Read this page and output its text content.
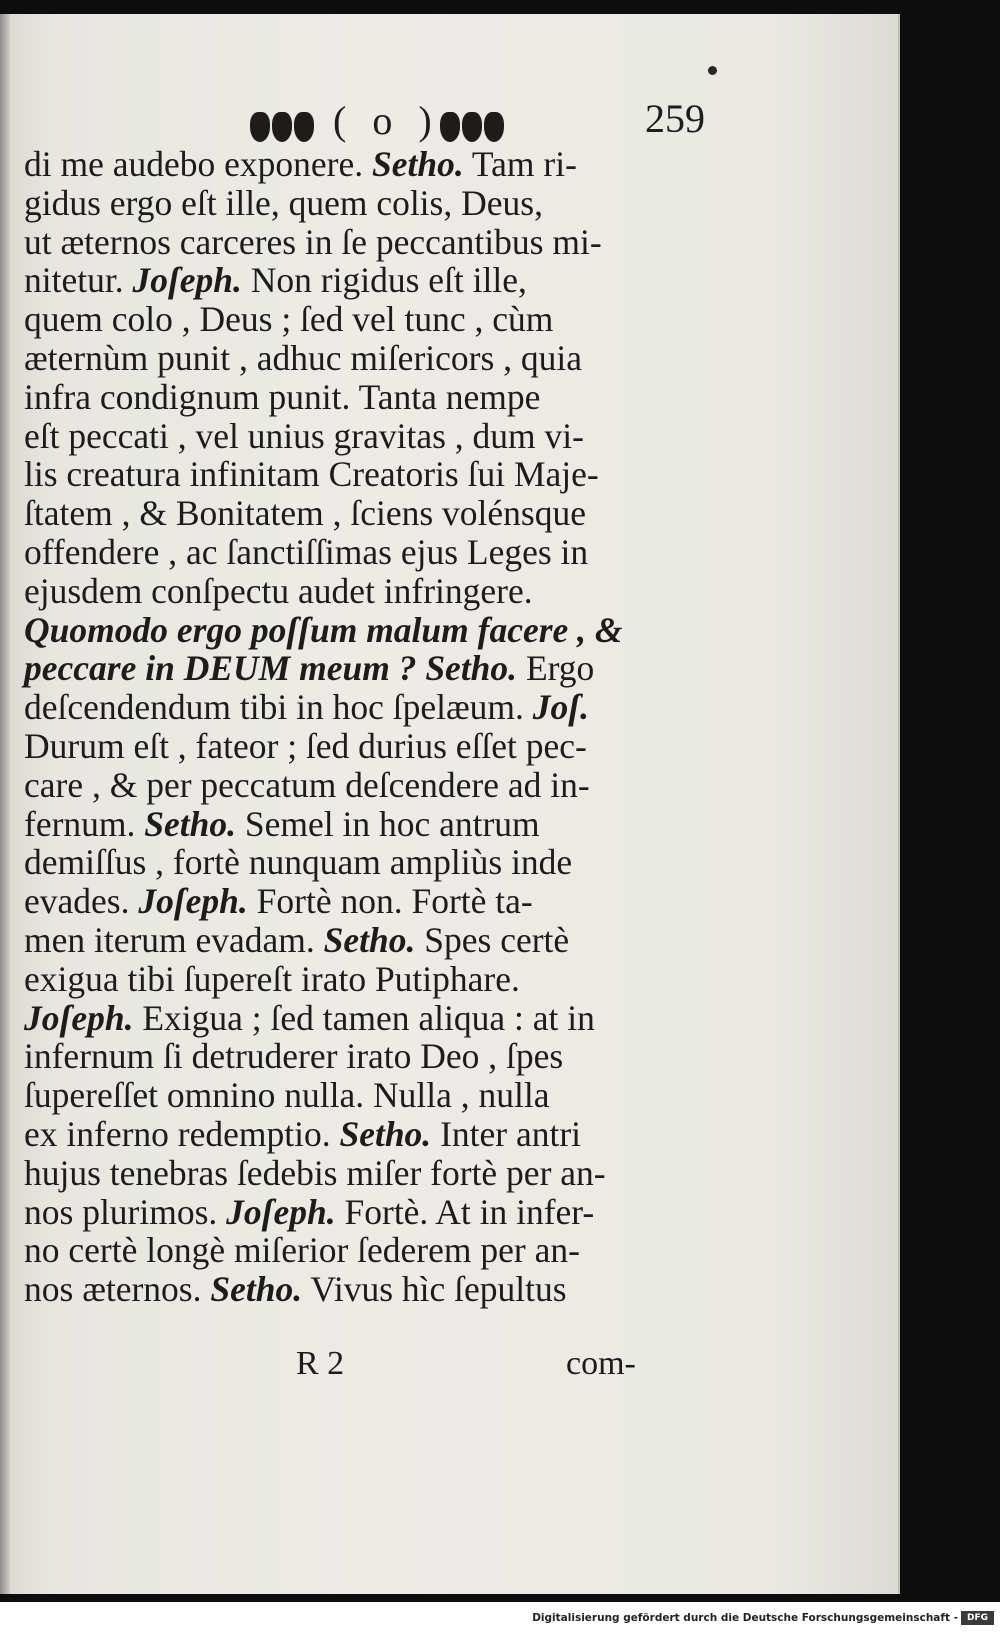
( o )	259
di me audebo exponere. Setho. Tam ri-
gidus ergo eſt ille, quem colis, Deus,
ut æternos carceres in ſe peccantibus mi-
nitetur. Joſeph. Non rigidus eſt ille,
quem colo , Deus ; ſed vel tunc , cùm
æternùm punit , adhuc miſericors , quia
infra condignum punit. Tanta nempe
eſt peccati , vel unius gravitas , dum vi-
lis creatura infinitam Creatoris ſui Maje-
ſtatem , & Bonitatem , ſciens volénsque
offendere , ac ſanctiſſimas ejus Leges in
ejusdem conſpectu audet infringere.
Quomodo ergo poſſum malum facere , &
peccare in DEUM meum ? Setho. Ergo
deſcendendum tibi in hoc ſpelæum. Joſ.
Durum eſt , fateor ; ſed durius eſſet pec-
care , & per peccatum deſcendere ad in-
fernum. Setho. Semel in hoc antrum
demiſſus , fortè nunquam ampliùs inde
evades. Joſeph. Fortè non. Fortè ta-
men iterum evadam. Setho. Spes certè
exigua tibi ſupereſt irato Putiphare.
Joſeph. Exigua ; ſed tamen aliqua : at in
infernum ſi detruderer irato Deo , ſpes
ſupereſſet omnino nulla. Nulla , nulla
ex inferno redemptio. Setho. Inter antri
hujus tenebras ſedebis miſer fortè per an-
nos plurimos. Joſeph. Fortè. At in infer-
no certè longè miſerior ſederem per an-
nos æternos. Setho. Vivus hìc ſepultus
R 2	com-
Digitalisierung gefördert durch die Deutsche Forschungsgemeinschaft - DFG
